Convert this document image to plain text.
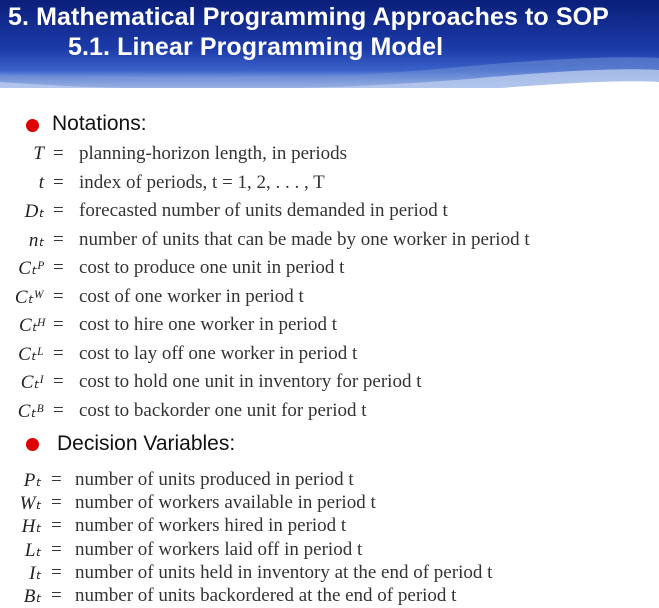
5. Mathematical Programming Approaches to SOP
5.1. Linear Programming Model
Notations:
T = planning-horizon length, in periods
t = index of periods, t = 1, 2, . . . , T
Dₜ = forecasted number of units demanded in period t
nₜ = number of units that can be made by one worker in period t
Cₜᴾ = cost to produce one unit in period t
Cₜᵂ = cost of one worker in period t
Cₜᴴ = cost to hire one worker in period t
Cₜᴸ = cost to lay off one worker in period t
Cₜᴵ = cost to hold one unit in inventory for period t
Cₜᴮ = cost to backorder one unit for period t
Decision Variables:
Pₜ = number of units produced in period t
Wₜ = number of workers available in period t
Hₜ = number of workers hired in period t
Lₜ = number of workers laid off in period t
Iₜ = number of units held in inventory at the end of period t
Bₜ = number of units backordered at the end of period t
